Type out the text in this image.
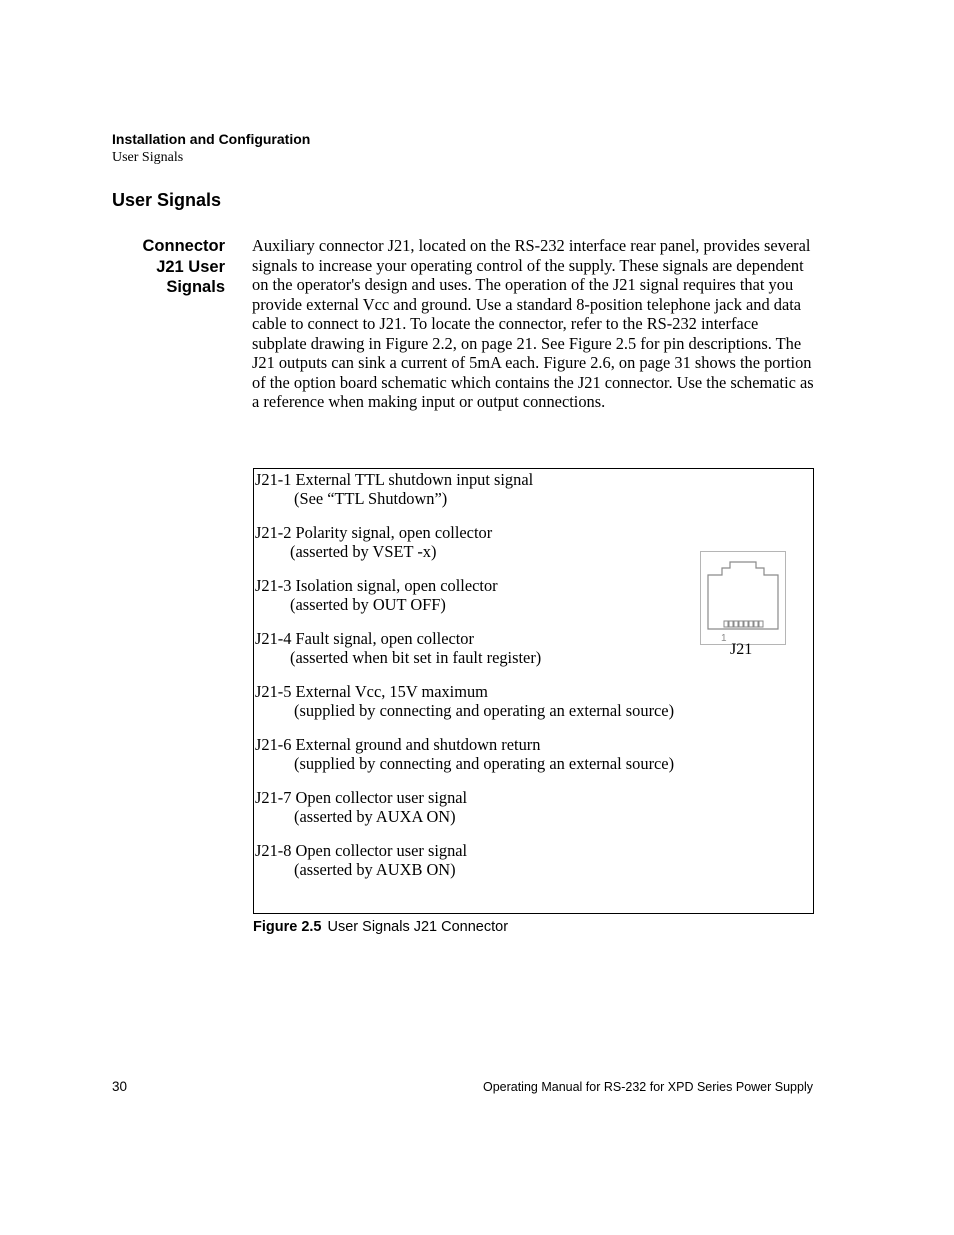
Installation and Configuration
User Signals
User Signals
Connector
J21 User
Signals
Auxiliary connector J21, located on the RS-232 interface rear panel, provides several signals to increase your operating control of the supply. These signals are dependent on the operator's design and uses. The operation of the J21 signal requires that you provide external Vcc and ground. Use a standard 8-position telephone jack and data cable to connect to J21. To locate the connector, refer to the RS-232 interface subplate drawing in Figure 2.2, on page 21. See Figure 2.5 for pin descriptions. The J21 outputs can sink a current of 5mA each. Figure 2.6, on page 31 shows the portion of the option board schematic which contains the J21 connector. Use the schematic as a reference when making input or output connections.
J21-1 External TTL shutdown input signal
(See “TTL Shutdown”)
J21-2 Polarity signal, open collector
(asserted by VSET -x)
J21-3 Isolation signal, open collector
(asserted by OUT OFF)
J21-4 Fault signal, open collector
(asserted when bit set in fault register)
J21-5 External Vcc, 15V maximum
(supplied by connecting and operating an external source)
J21-6 External ground and shutdown return
(supplied by connecting and operating an external source)
J21-7 Open collector user signal
(asserted by AUXA ON)
J21-8 Open collector user signal
(asserted by AUXB ON)
1
J21
Figure 2.5 User Signals J21 Connector
30	Operating Manual for RS-232 for XPD Series Power Supply
